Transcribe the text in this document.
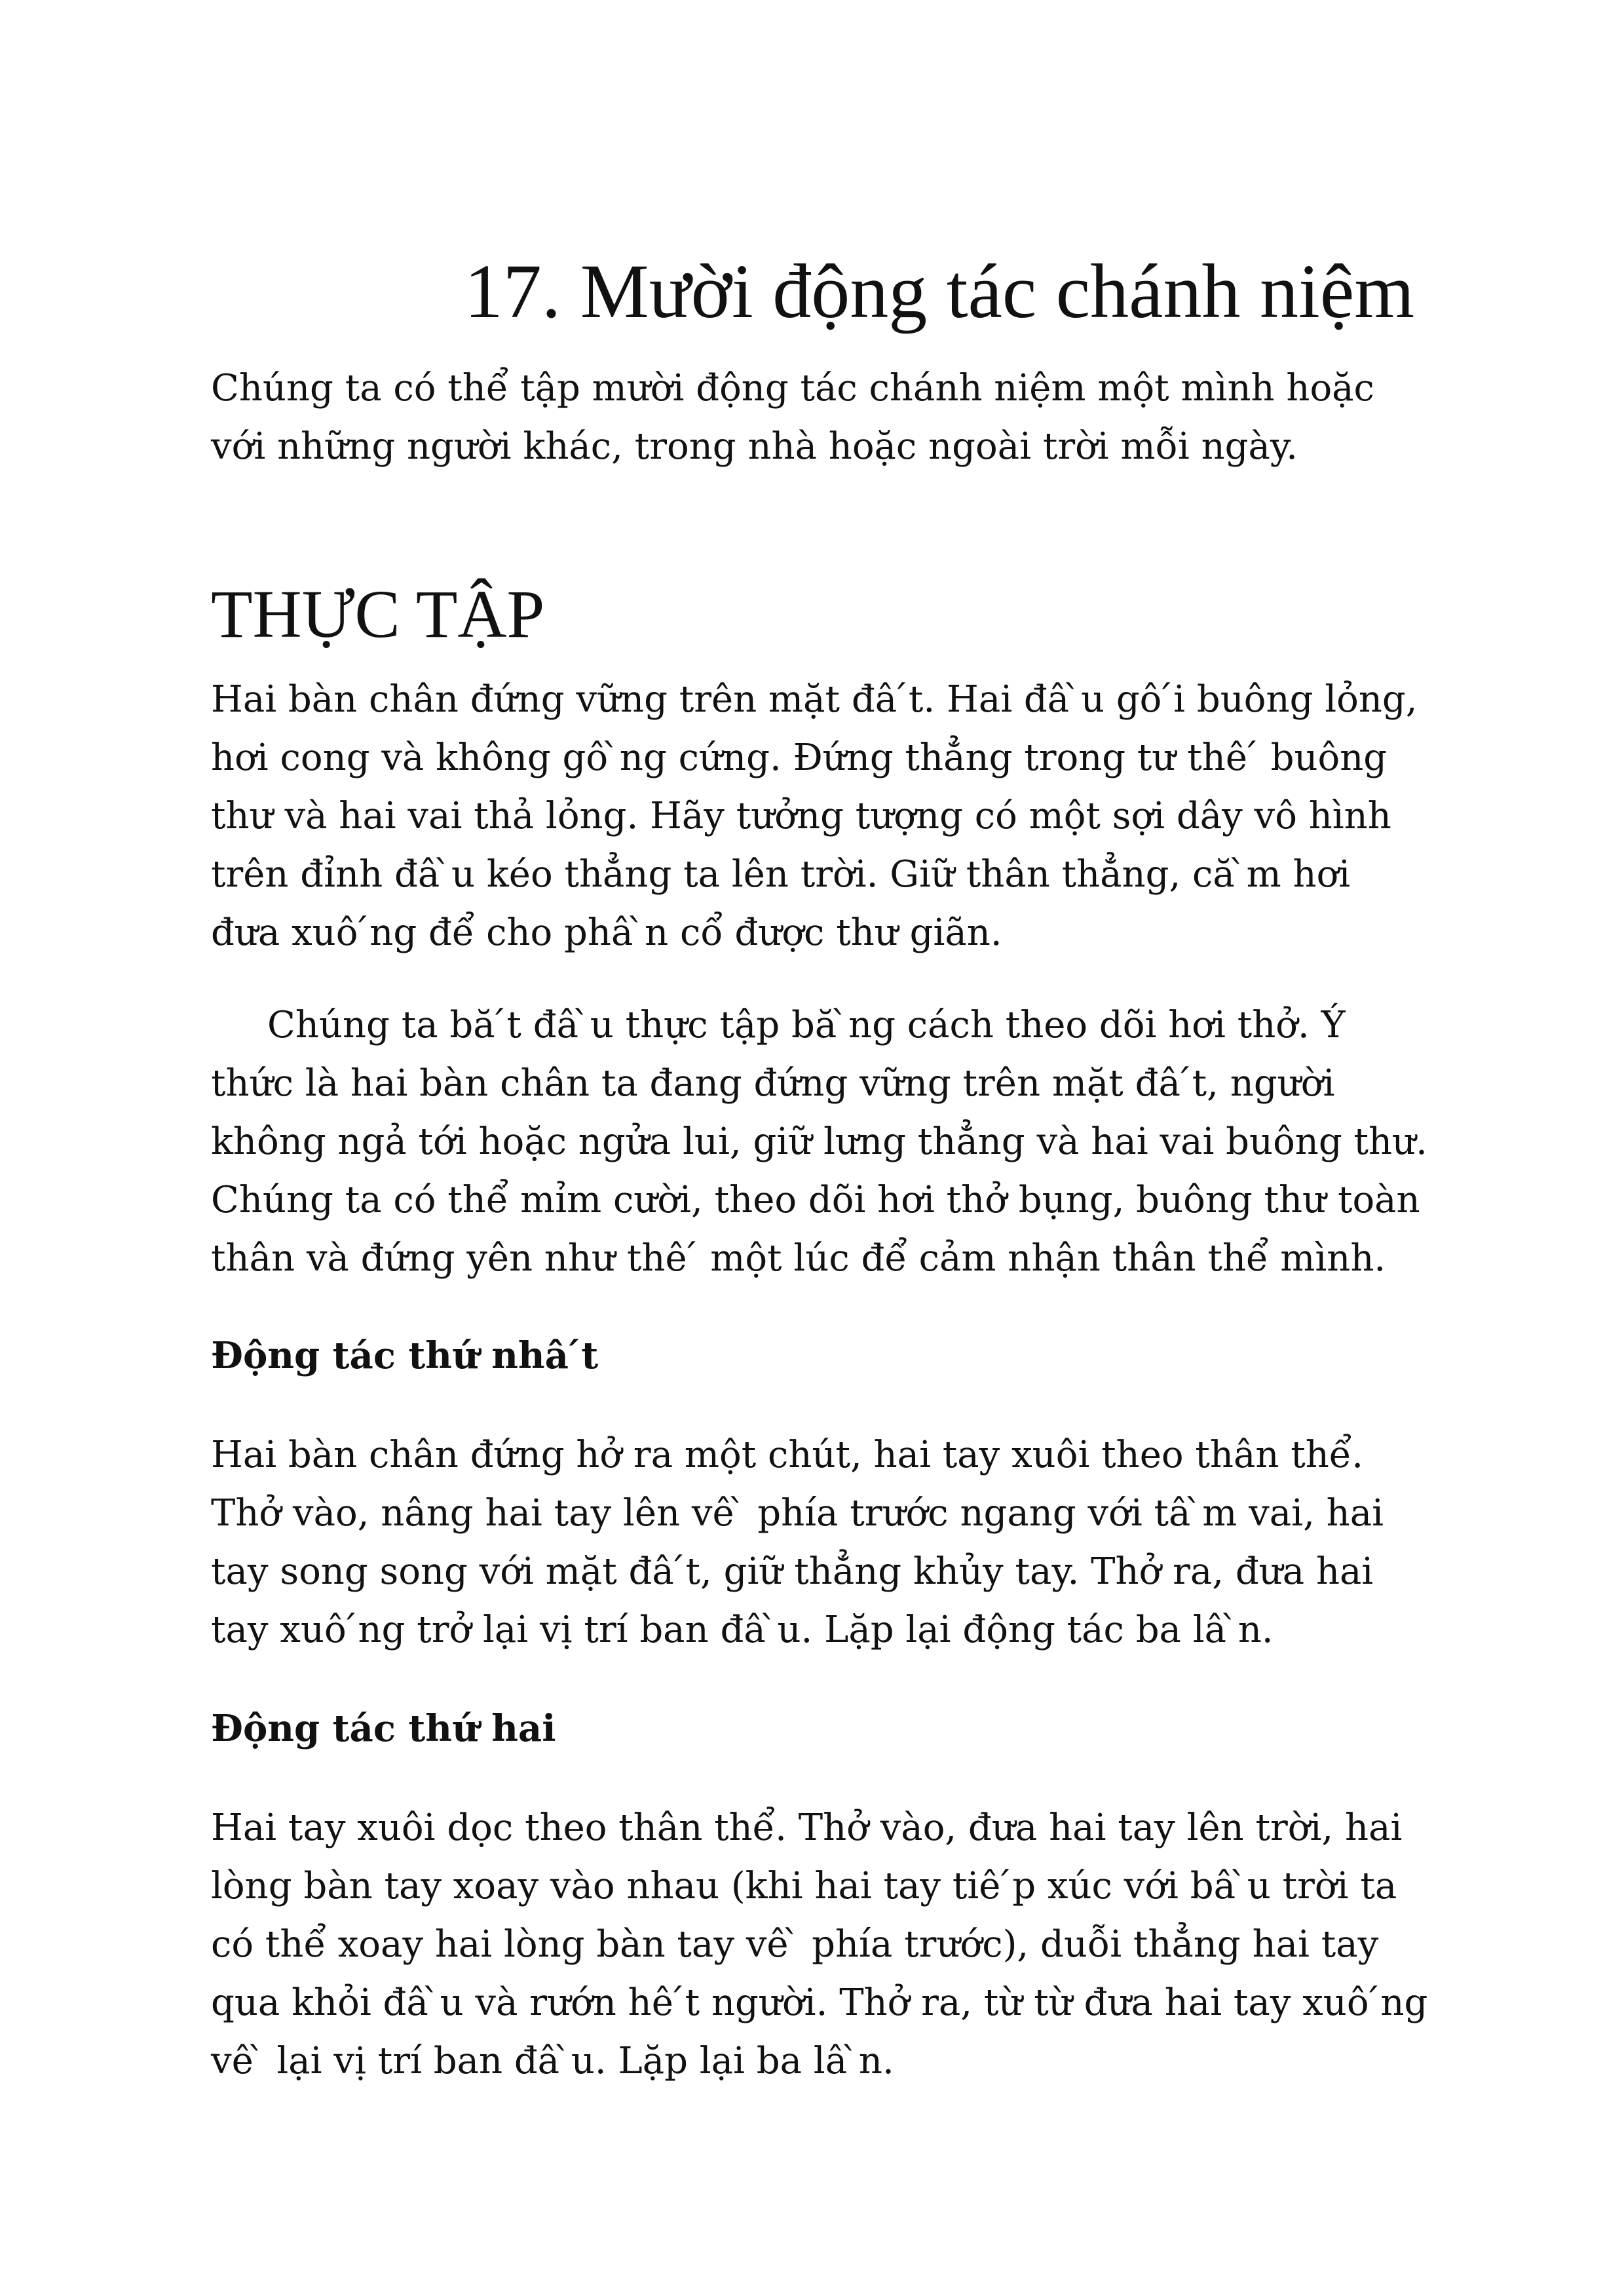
17. Mười động tác chánh niệm

Chúng ta có thể tập mười động tác chánh niệm một mình hoặc với những người khác, trong nhà hoặc ngoài trời mỗi ngày.

THỰC TẬP

Hai bàn chân đứng vững trên mặt đâ ́t. Hai đâ ̀u gô ́i buông lỏng, hơi cong và không gô ̀ng cứng. Đứng thẳng trong tư thê ́ buông thư và hai vai thả lỏng. Hãy tưởng tượng có một sợi dây vô hình trên đỉnh đâ ̀u kéo thẳng ta lên trời. Giữ thân thẳng, că ̀m hơi đưa xuô ́ng để cho phâ ̀n cổ được thư giãn.

Chúng ta bă ́t đâ ̀u thực tập bă ̀ng cách theo dõi hơi thở. Ý thức là hai bàn chân ta đang đứng vững trên mặt đâ ́t, người không ngả tới hoặc ngửa lui, giữ lưng thẳng và hai vai buông thư. Chúng ta có thể mỉm cười, theo dõi hơi thở bụng, buông thư toàn thân và đứng yên như thê ́ một lúc để cảm nhận thân thể mình.

Động tác thứ nhâ ́t

Hai bàn chân đứng hở ra một chút, hai tay xuôi theo thân thể. Thở vào, nâng hai tay lên vê ̀ phía trước ngang với tâ ̀m vai, hai tay song song với mặt đâ ́t, giữ thẳng khủy tay. Thở ra, đưa hai tay xuô ́ng trở lại vị trí ban đâ ̀u. Lặp lại động tác ba lâ ̀n.

Động tác thứ hai

Hai tay xuôi dọc theo thân thể. Thở vào, đưa hai tay lên trời, hai lòng bàn tay xoay vào nhau (khi hai tay tiê ́p xúc với bâ ̀u trời ta có thể xoay hai lòng bàn tay vê ̀ phía trước), duỗi thẳng hai tay qua khỏi đâ ̀u và rướn hê ́t người. Thở ra, từ từ đưa hai tay xuô ́ng vê ̀ lại vị trí ban đâ ̀u. Lặp lại ba lâ ̀n.
